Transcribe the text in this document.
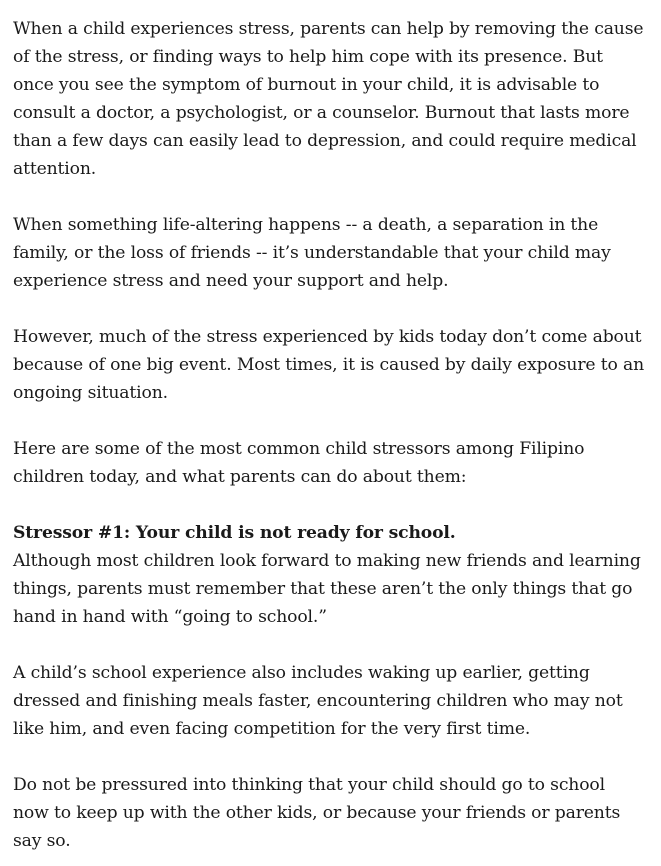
When a child experiences stress, parents can help by removing the cause of the stress, or finding ways to help him cope with its presence. But once you see the symptom of burnout in your child, it is advisable to consult a doctor, a psychologist, or a counselor. Burnout that lasts more than a few days can easily lead to depression, and could require medical attention.

When something life-altering happens -- a death, a separation in the family, or the loss of friends -- it’s understandable that your child may experience stress and need your support and help.

However, much of the stress experienced by kids today don’t come about because of one big event. Most times, it is caused by daily exposure to an ongoing situation.

Here are some of the most common child stressors among Filipino children today, and what parents can do about them:

Stressor #1: Your child is not ready for school.
Although most children look forward to making new friends and learning things, parents must remember that these aren’t the only things that go hand in hand with “going to school.”

A child’s school experience also includes waking up earlier, getting dressed and finishing meals faster, encountering children who may not like him, and even facing competition for the very first time.

Do not be pressured into thinking that your child should go to school now to keep up with the other kids, or because your friends or parents say so.
